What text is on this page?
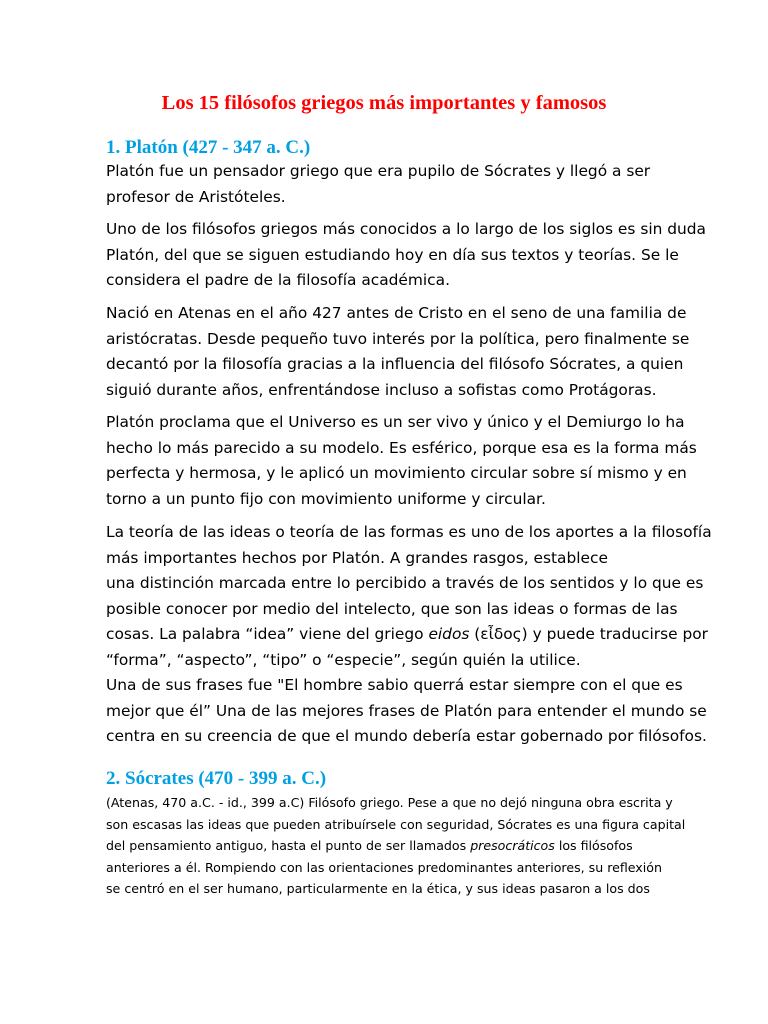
Los 15 filósofos griegos más importantes y famosos
1. Platón (427 - 347 a. C.)
Platón fue un pensador griego que era pupilo de Sócrates y llegó a ser
profesor de Aristóteles.
Uno de los filósofos griegos más conocidos a lo largo de los siglos es sin duda
Platón, del que se siguen estudiando hoy en día sus textos y teorías. Se le
considera el padre de la filosofía académica.
Nació en Atenas en el año 427 antes de Cristo en el seno de una familia de
aristócratas. Desde pequeño tuvo interés por la política, pero finalmente se
decantó por la filosofía gracias a la influencia del filósofo Sócrates, a quien
siguió durante años, enfrentándose incluso a sofistas como Protágoras.
Platón proclama que el Universo es un ser vivo y único y el Demiurgo lo ha
hecho lo más parecido a su modelo. Es esférico, porque esa es la forma más
perfecta y hermosa, y le aplicó un movimiento circular sobre sí mismo y en
torno a un punto fijo con movimiento uniforme y circular.
La teoría de las ideas o teoría de las formas es uno de los aportes a la filosofía
más importantes hechos por Platón. A grandes rasgos, establece
una distinción marcada entre lo percibido a través de los sentidos y lo que es
posible conocer por medio del intelecto, que son las ideas o formas de las
cosas. La palabra “idea” viene del griego eidos (εἶδος) y puede traducirse por
“forma”, “aspecto”, “tipo” o “especie”, según quién la utilice.
Una de sus frases fue "El hombre sabio querrá estar siempre con el que es
mejor que él” Una de las mejores frases de Platón para entender el mundo se
centra en su creencia de que el mundo debería estar gobernado por filósofos.
2. Sócrates (470 - 399 a. C.)
(Atenas, 470 a.C. - id., 399 a.C) Filósofo griego. Pese a que no dejó ninguna obra escrita y
son escasas las ideas que pueden atribuírsele con seguridad, Sócrates es una figura capital
del pensamiento antiguo, hasta el punto de ser llamados presocráticos los filósofos
anteriores a él. Rompiendo con las orientaciones predominantes anteriores, su reflexión
se centró en el ser humano, particularmente en la ética, y sus ideas pasaron a los dos
